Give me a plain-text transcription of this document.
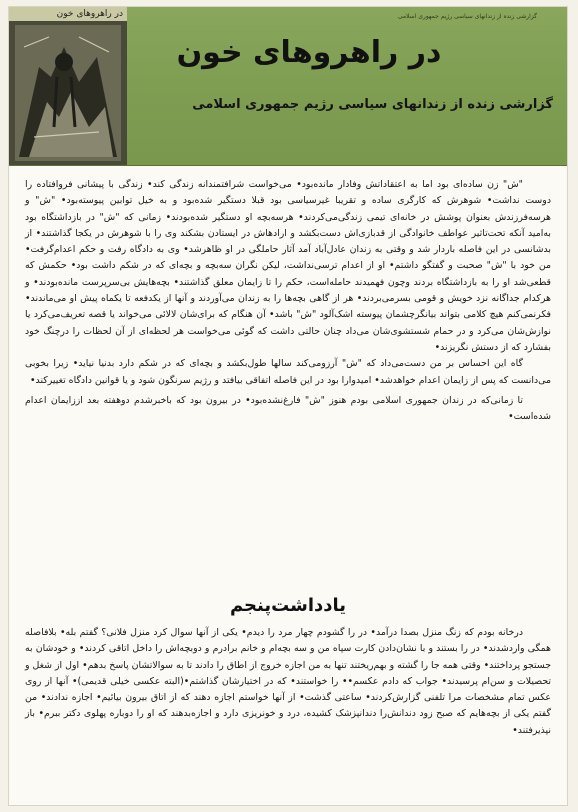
در راهروهای خون	گزارشی زنده از زندانهای سیاسی رژیم جمهوری اسلامی
در راهروهای خون
گزارشی زنده از زندانهای سیاسی رژیم جمهوری اسلامی

"ش" زن ساده‌ای بود اما به اعتقاداتش وفادار مانده‌بود• می‌خواست شرافتمندانه زندگی کند• زندگی با پیشانی فروافتاده را دوست نداشت• شوهرش که کارگری ساده و تقریبا غیرسیاسی بود قبلا دستگیر شده‌بود و به خیل توابین پیوسته‌بود• "ش" و هرسه‌فرزندش بعنوان پوشش در خانه‌ای تیمی زندگی‌می‌کردند• هرسه‌بچه او دستگیر شده‌بودند• زمانی که "ش" در بازداشتگاه بود به‌امید آنکه تحت‌تاثیر عواطف خانوادگی از قدبازی‌اش دست‌بکشد و ارادهاش در ایستادن بشکند وی را با شوهرش در یکجا گذاشتند• از بدشانسی در این فاصله باردار شد و وقتی به زندان عادل‌آباد آمد آثار حاملگی در او ظاهرشد• وی به دادگاه رفت و حکم اعدام‌گرفت• من خود با "ش" صحبت و گفتگو داشتم• او از اعدام ترسی‌نداشت، لیکن نگران سه‌بچه و بچه‌ای که در شکم داشت بود• حکمش که قطعی‌شد او را به بازداشتگاه بردند وچون فهمیدند حامله‌است، حکم را تا زایمان معلق گذاشتند• بچه‌هایش بی‌سرپرست مانده‌بودند• و هرکدام جداگانه نزد خویش و قومی بسرمی‌بردند• هر از گاهی بچه‌ها را به زندان می‌آوردند و آنها از یکدفعه تا یکماه پیش او می‌ماندند• فکرنمی‌کنم هیچ کلامی بتواند بیانگرچشمان پیوسته اشک‌آلود "ش" باشد• آن هنگام که برای‌شان لالائی می‌خواند یا قصه تعریف‌می‌کرد یا نوازش‌شان می‌کرد و در حمام شستشوی‌شان می‌داد چنان حالتی داشت که گوئی می‌خواست هر لحظه‌ای از آن لحظات را درچنگ خود بفشارد که از دستش نگریزند•

گاه این احساس بر من دست‌می‌داد که "ش" آرزومی‌کند سالها طول‌بکشد و بچه‌ای که در شکم دارد بدنیا نیاید• زیرا بخوبی می‌دانست که پس از زایمان اعدام خواهدشد• امیدوارا بود در این فاصله اتفاقی بیافتد و رژیم سرنگون شود و یا قوانین دادگاه تغییرکند•

تا زمانی‌که در زندان جمهوری اسلامی بودم هنوز "ش" فارغ‌نشده‌بود• در بیرون بود که باخبرشدم دوهفته بعد اززایمان اعدام شده‌است•

یادداشت‌پنجم

درخانه بودم که زنگ منزل بصدا درآمد• در را گشودم چهار مرد را دیدم• یکی از آنها سوال کرد منزل فلانی؟ گفتم بله• بلافاصله همگی واردشدند• در را بستند و با نشان‌دادن کارت سپاه من و سه بچه‌ام و خانم برادرم و دوبچه‌اش را داخل اتاقی کردند• و خودشان به جستجو پرداختند• وقتی همه جا را گشته و بهم‌ریختند تنها به من اجازه خروج از اطاق را دادند تا به سوالاتشان پاسخ بدهم• اول از شغل و تحصیلات و سن‌ام پرسیدند• جواب که دادم عکسم‌•• را خواستند• که در اختیارشان گذاشتم•(البته عکسی خیلی قدیمی)• آنها از روی عکس تمام مشخصات مرا تلفنی گزارش‌کردند• ساعتی گذشت• از آنها خواستم اجازه دهند که از اتاق بیرون بیائیم• اجازه ندادند• من گفتم یکی از بچه‌هایم که صبح زود دندانش‌را دندانپزشک کشیده، درد و خونریزی دارد و اجازه‌بدهند که او را دوباره پهلوی دکتر ببرم• باز نپذیرفتند•
